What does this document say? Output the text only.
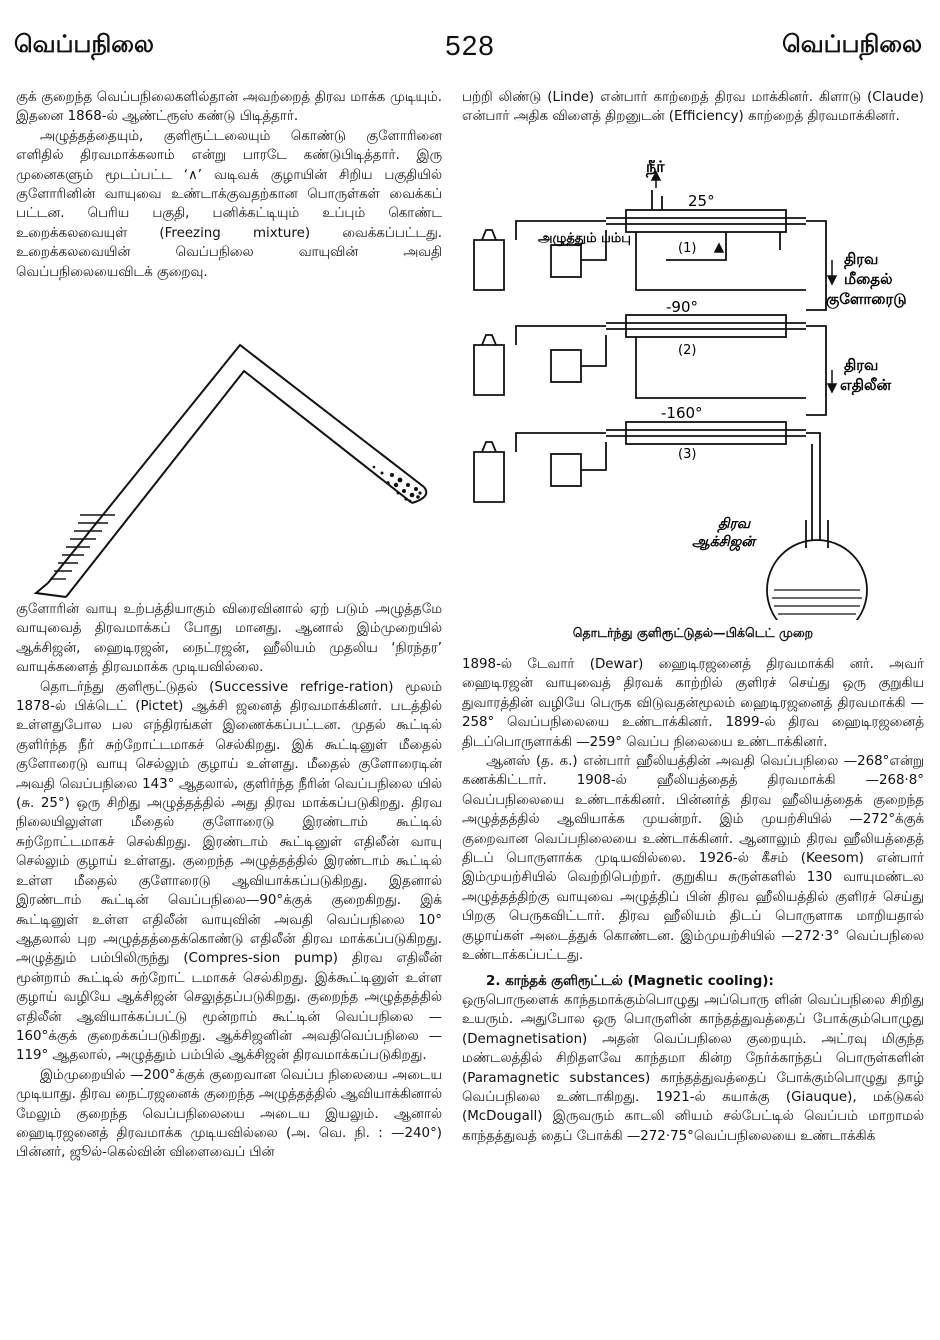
வெப்பநிலை	528	வெப்பநிலை

குக் குறைந்த வெப்பநிலைகளில்தான் அவற்றைத் திரவ மாக்க முடியும். இதனை 1868-ல் ஆண்ட்ரூஸ் கண்டு பிடித்தார்.

அழுத்தத்தையும், குளிரூட்டலையும் கொண்டு குளோரினை எளிதில் திரவமாக்கலாம் என்று பாரடே கண்டுபிடித்தார். இரு முனைகளும் மூடப்பட்ட ‘∧’ வடிவக் குழாயின் சிறிய பகுதியில் குளோரினின் வாயுவை உண்டாக்குவதற்கான பொருள்கள் வைக்கப் பட்டன. பெரிய பகுதி, பனிக்கட்டியும் உப்பும் கொண்ட உறைக்கலவையுள் (Freezing mixture) வைக்கப்பட்டது. உறைக்கலவையின் வெப்பநிலை வாயுவின் அவதி வெப்பநிலையைவிடக் குறைவு.

குளோரின் வாயு உற்பத்தியாகும் விரைவினால் ஏற் படும் அழுத்தமே வாயுவைத் திரவமாக்கப் போது மானது. ஆனால் இம்முறையில் ஆக்சிஜன், ஹைடிரஜன், நைட்ரஜன், ஹீலியம் முதலிய ‘நிரந்தர’ வாயுக்களைத் திரவமாக்க முடியவில்லை.

தொடர்ந்து குளிரூட்டுதல் (Successive refrige-ration) மூலம் 1878-ல் பிக்டெட் (Pictet) ஆக்சி ஜனைத் திரவமாக்கினர். படத்தில் உள்ளதுபோல பல எந்திரங்கள் இணைக்கப்பட்டன. முதல் கூட்டில் குளிர்ந்த நீர் சுற்றோட்டமாகச் செல்கிறது. இக் கூட்டினுள் மீதைல் குளோரைடு வாயு செல்லும் குழாய் உள்ளது. மீதைல் குளோரைடின் அவதி வெப்பநிலை 143° ஆதலால், குளிர்ந்த நீரின் வெப்பநிலை யில் (சு. 25°) ஒரு சிறிது அழுத்தத்தில் அது திரவ மாக்கப்படுகிறது. திரவ நிலையிலுள்ள மீதைல் குளோரைடு இரண்டாம் கூட்டில் சுற்றோட்டமாகச் செல்கிறது. இரண்டாம் கூட்டினுள் எதிலீன் வாயு செல்லும் குழாய் உள்ளது. குறைந்த அழுத்தத்தில் இரண்டாம் கூட்டில் உள்ள மீதைல் குளோரைடு ஆவியாக்கப்படுகிறது. இதனால் இரண்டாம் கூட்டின் வெப்பநிலை—90°க்குக் குறைகிறது. இக் கூட்டினுள் உள்ள எதிலீன் வாயுவின் அவதி வெப்பநிலை 10° ஆதலால் புற அழுத்தத்தைக்கொண்டு எதிலீன் திரவ மாக்கப்படுகிறது. அழுத்தும் பம்பிலிருந்து (Compres-sion pump) திரவ எதிலீன் மூன்றாம் கூட்டில் சுற்றோட் டமாகச் செல்கிறது. இக்கூட்டினுள் உள்ள குழாய் வழியே ஆக்சிஜன் செலுத்தப்படுகிறது. குறைந்த அழுத்தத்தில் எதிலீன் ஆவியாக்கப்பட்டு மூன்றாம் கூட்டின் வெப்பநிலை —160°க்குக் குறைக்கப்படுகிறது. ஆக்சிஜனின் அவதிவெப்பநிலை —119° ஆதலால், அழுத்தும் பம்பில் ஆக்சிஜன் திரவமாக்கப்படுகிறது.

இம்முறையில் —200°க்குக் குறைவான வெப்ப நிலையை அடைய முடியாது. திரவ நைட்ரஜனைக் குறைந்த அழுத்தத்தில் ஆவியாக்கினால் மேலும் குறைந்த வெப்பநிலையை அடைய இயலும். ஆனால் ஹைடிரஜனைத் திரவமாக்க முடியவில்லை (அ. வெ. நி. : —240°) பின்னர், ஜூல்-கெல்வின் விளைவைப் பின்

பற்றி லிண்டு (Linde) என்பார் காற்றைத் திரவ மாக்கினர். கிளாடு (Claude) என்பார் அதிக விளைத் திறனுடன் (Efficiency) காற்றைத் திரவமாக்கினர்.

நீர்
25°
-90°
-160°
அழுத்தும் பம்பு
(1)
(2)
(3)
திரவ
மீதைல்
குளோரைடு
திரவ
எதிலீன்
திரவ
ஆக்சிஜன்
தொடர்ந்து குளிரூட்டுதல்—பிக்டெட் முறை

1898-ல் டேவார் (Dewar) ஹைடிரஜனைத் திரவமாக்கி னர். அவர் ஹைடிரஜன் வாயுவைத் திரவக் காற்றில் குளிரச் செய்து ஒரு குறுகிய துவாரத்தின் வழியே பெருக விடுவதன்மூலம் ஹைடிரஜனைத் திரவமாக்கி —258° வெப்பநிலையை உண்டாக்கினர். 1899-ல் திரவ ஹைடிரஜனைத் திடப்பொருளாக்கி —259° வெப்ப நிலையை உண்டாக்கினர்.

ஆனஸ் (த. க.) என்பார் ஹீலியத்தின் அவதி வெப்பநிலை —268°என்று கணக்கிட்டார். 1908-ல் ஹீலியத்தைத் திரவமாக்கி —268·8° வெப்பநிலையை உண்டாக்கினர். பின்னர்த் திரவ ஹீலியத்தைக் குறைந்த அழுத்தத்தில் ஆவியாக்க முயன்றர். இம் முயற்சியில் —272°க்குக் குறைவான வெப்பநிலையை உண்டாக்கினர். ஆனாலும் திரவ ஹீலியத்தைத் திடப் பொருளாக்க முடியவில்லை. 1926-ல் கீசம் (Keesom) என்பார் இம்முயற்சியில் வெற்றிபெற்றர். குறுகிய சுருள்களில் 130 வாயுமண்டல அழுத்தத்திற்கு வாயுவை அழுத்திப் பின் திரவ ஹீலியத்தில் குளிரச் செய்து பிறகு பெருகவிட்டார். திரவ ஹீலியம் திடப் பொருளாக மாறியதால் குழாய்கள் அடைத்துக் கொண்டன. இம்முயற்சியில் —272·3° வெப்பநிலை உண்டாக்கப்பட்டது.

2. காந்தக் குளிரூட்டல் (Magnetic cooling):

ஒருபொருளைக் காந்தமாக்கும்பொழுது அப்பொரு ளின் வெப்பநிலை சிறிது உயரும். அதுபோல ஒரு பொருளின் காந்தத்துவத்தைப் போக்கும்பொழுது (Demagnetisation) அதன் வெப்பநிலை குறையும். அட்ரவு மிகுந்த மண்டலத்தில் சிறிதளவே காந்தமா கின்ற நேர்க்காந்தப் பொருள்களின் (Paramagnetic substances) காந்தத்துவத்தைப் போக்கும்பொழுது தாழ் வெப்பநிலை உண்டாகிறது. 1921-ல் கயாக்கு (Giauque), மக்டுகல் (McDougall) இருவரும் காடலி னியம் சல்பேட்டில் வெப்பம் மாறாமல் காந்தத்துவத் தைப் போக்கி —272·75°வெப்பநிலையை உண்டாக்கிக்
